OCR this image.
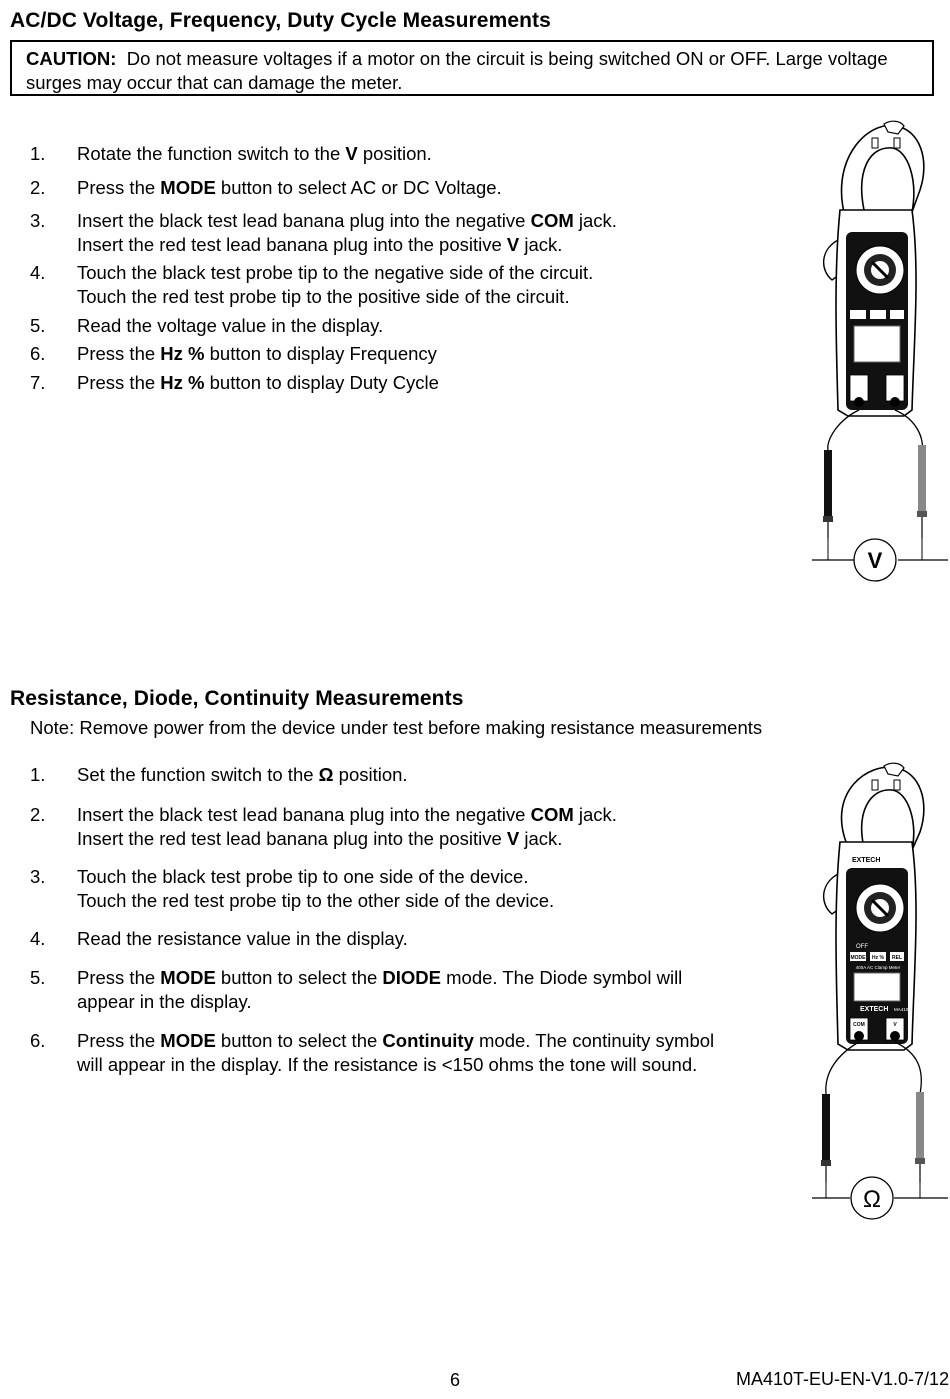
AC/DC Voltage, Frequency, Duty Cycle Measurements
CAUTION: Do not measure voltages if a motor on the circuit is being switched ON or OFF. Large voltage surges may occur that can damage the meter.
1.	Rotate the function switch to the V position.
2.	Press the MODE button to select AC or DC Voltage.
3.	Insert the black test lead banana plug into the negative COM jack.
Insert the red test lead banana plug into the positive V jack.
4.	Touch the black test probe tip to the negative side of the circuit.
Touch the red test probe tip to the positive side of the circuit.
5.	Read the voltage value in the display.
6.	Press the Hz % button to display Frequency
7.	Press the Hz % button to display Duty Cycle
V
Resistance, Diode, Continuity Measurements
Note: Remove power from the device under test before making resistance measurements
1.	Set the function switch to the Ω position.
2.	Insert the black test lead banana plug into the negative COM jack.
Insert the red test lead banana plug into the positive V jack.
3.	Touch the black test probe tip to one side of the device.
Touch the red test probe tip to the other side of the device.
4.	Read the resistance value in the display.
5.	Press the MODE button to select the DIODE mode. The Diode symbol will
appear in the display.
6.	Press the MODE button to select the Continuity mode. The continuity symbol
will appear in the display. If the resistance is <150 ohms the tone will sound.
EXTECH
OFF
MODE Hz % REL
400A AC Clamp Meter
EXTECH MA410T
COM	V
Ω
6	MA410T-EU-EN-V1.0-7/12
